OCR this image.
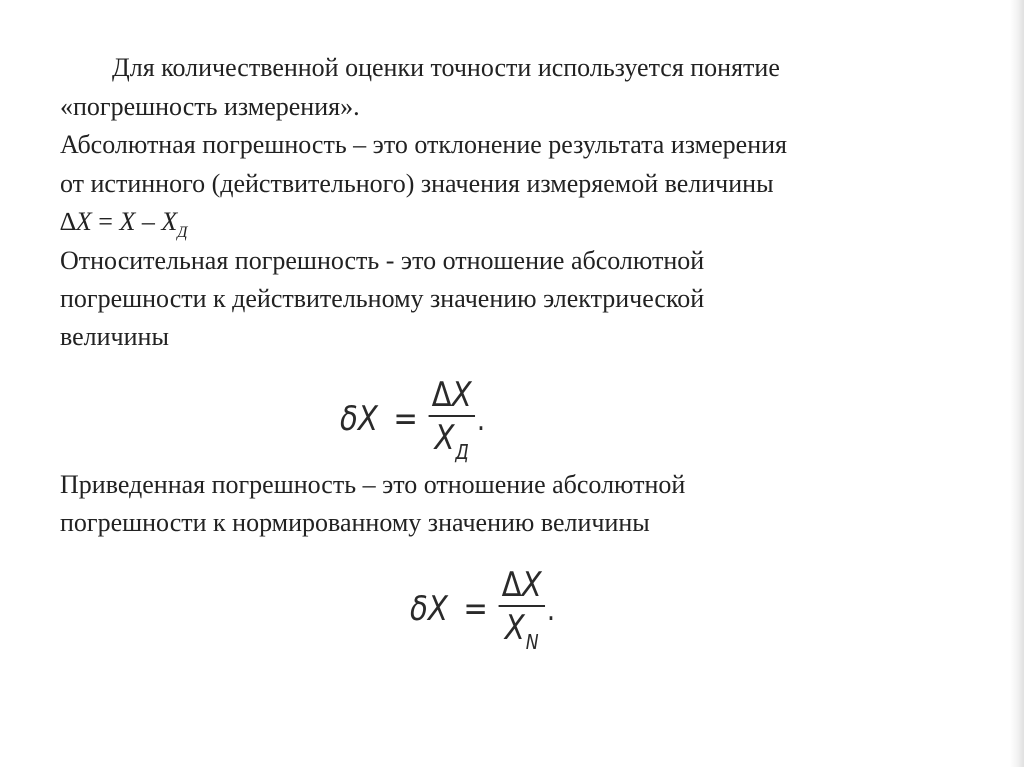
Для количественной оценки точности используется понятие
«погрешность измерения».
Абсолютная погрешность – это отклонение результата измерения
от истинного (действительного) значения измеряемой величины
$\Delta X = X - X_Д$
Относительная погрешность - это отношение абсолютной
погрешности к действительному значению электрической
величины
$\delta X = \frac{\Delta X}{X_Д}$ .
Приведенная погрешность – это отношение абсолютной
погрешности к нормированному значению величины
$\delta X = \frac{\Delta X}{X_N}$ .
